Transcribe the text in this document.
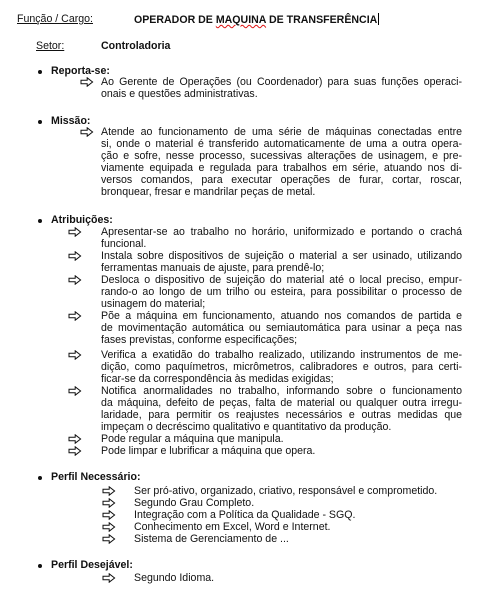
Função / Cargo:	OPERADOR DE MAQUINA DE TRANSFERÊNCIA
Setor:	Controladoria
Reporta-se:
Missão:
Atribuições:
Perfil Necessário:
Perfil Desejável:
Ao Gerente de Operações (ou Coordenador) para suas funções operaci-
onais e questões administrativas.
Atende ao funcionamento de uma série de máquinas conectadas entre
si, onde o material é transferido automaticamente de uma a outra opera-
ção e sofre, nesse processo, sucessivas alterações de usinagem, e pre-
viamente equipada e regulada para trabalhos em série, atuando nos di-
versos comandos, para executar operações de furar, cortar, roscar,
bronquear, fresar e mandrilar peças de metal.
Apresentar-se ao trabalho no horário, uniformizado e portando o crachá
funcional.
Instala sobre dispositivos de sujeição o material a ser usinado, utilizando
ferramentas manuais de ajuste, para prendê-lo;
Desloca o dispositivo de sujeição do material até o local preciso, empur-
rando-o ao longo de um trilho ou esteira, para possibilitar o processo de
usinagem do material;
Põe a máquina em funcionamento, atuando nos comandos de partida e
de movimentação automática ou semiautomática para usinar a peça nas
fases previstas, conforme especificações;
Verifica a exatidão do trabalho realizado, utilizando instrumentos de me-
dição, como paquímetros, micrômetros, calibradores e outros, para certi-
ficar-se da correspondência às medidas exigidas;
Notifica anormalidades no trabalho, informando sobre o funcionamento
da máquina, defeito de peças, falta de material ou qualquer outra irregu-
laridade, para permitir os reajustes necessários e outras medidas que
impeçam o decréscimo qualitativo e quantitativo da produção.
Pode regular a máquina que manipula.
Pode limpar e lubrificar a máquina que opera.
Ser pró-ativo, organizado, criativo, responsável e comprometido.
Segundo Grau Completo.
Integração com a Política da Qualidade - SGQ.
Conhecimento em Excel, Word e Internet.
Sistema de Gerenciamento de ...
Segundo Idioma.
